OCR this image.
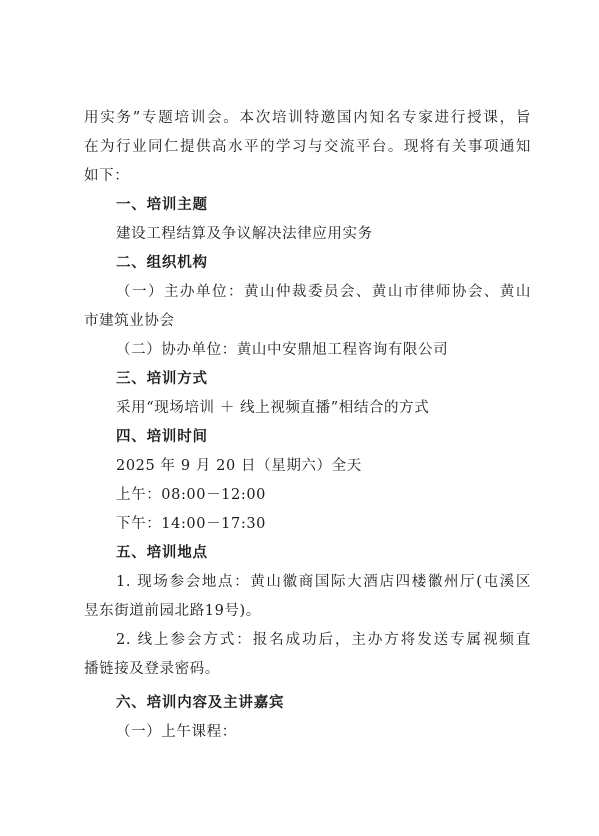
用实务”专题培训会。本次培训特邀国内知名专家进行授课，旨
在为行业同仁提供高水平的学习与交流平台。现将有关事项通知
如下：
一、培训主题
建设工程结算及争议解决法律应用实务
二、组织机构
（一）主办单位：黄山仲裁委员会、黄山市律师协会、黄山
市建筑业协会
（二）协办单位：黄山中安鼎旭工程咨询有限公司
三、培训方式
采用“现场培训 ＋ 线上视频直播”相结合的方式
四、培训时间
2025 年 9 月 20 日（星期六）全天
上午：08:00－12:00
下午：14:00－17:30
五、培训地点
1. 现场参会地点：黄山徽商国际大酒店四楼徽州厅(屯溪区
昱东街道前园北路19号)。
2. 线上参会方式：报名成功后，主办方将发送专属视频直
播链接及登录密码。
六、培训内容及主讲嘉宾
（一）上午课程：
